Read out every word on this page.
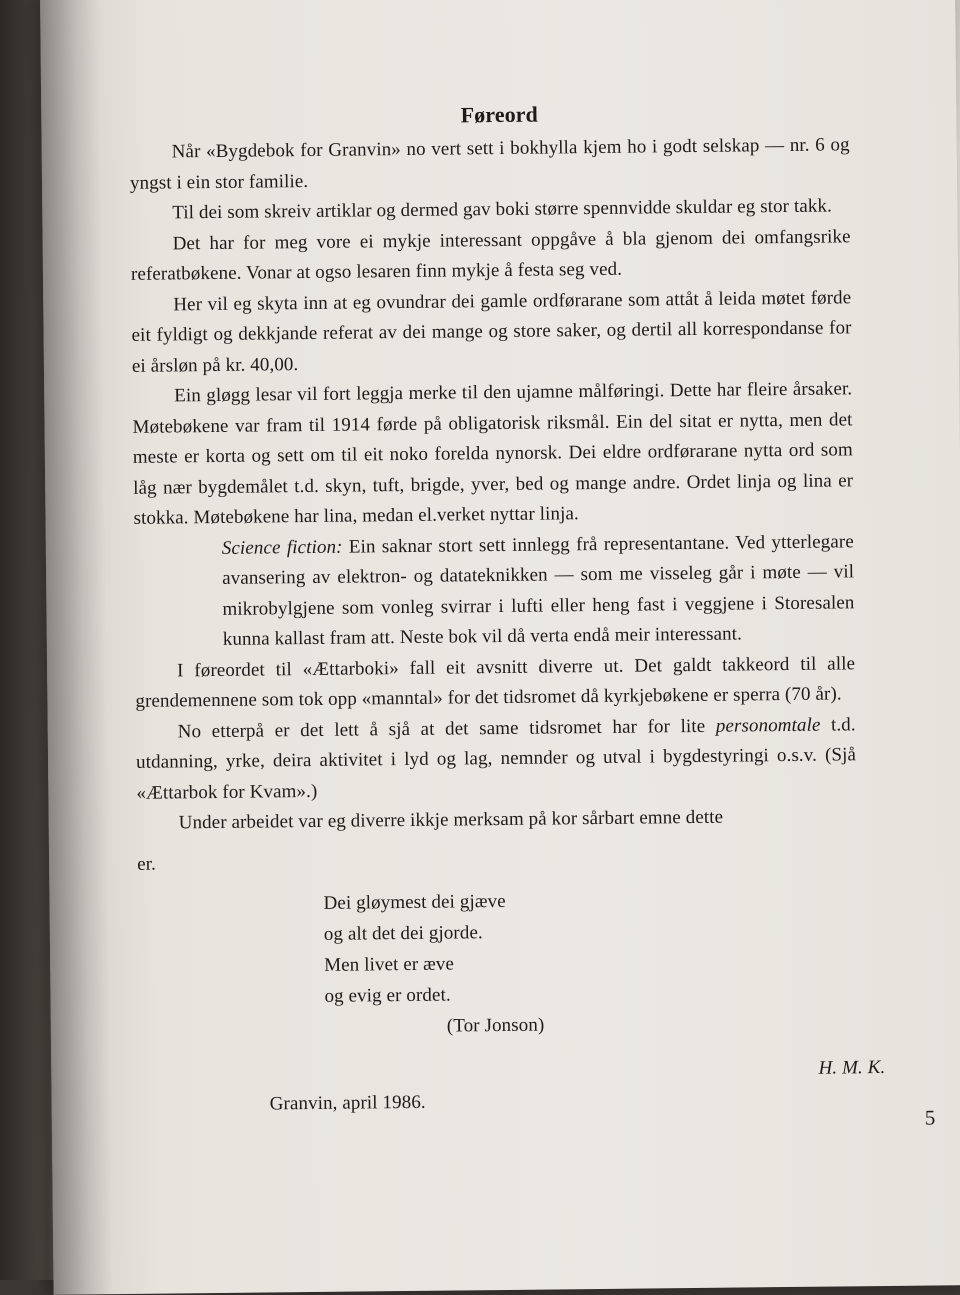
Føreord

Når «Bygdebok for Granvin» no vert sett i bokhylla kjem ho i godt selskap — nr. 6 og yngst i ein stor familie.

Til dei som skreiv artiklar og dermed gav boki større spennvidde skuldar eg stor takk.

Det har for meg vore ei mykje interessant oppgåve å bla gjenom dei omfangsrike referatbøkene. Vonar at ogso lesaren finn mykje å festa seg ved.

Her vil eg skyta inn at eg ovundrar dei gamle ordførarane som attåt å leida møtet førde eit fyldigt og dekkjande referat av dei mange og store saker, og dertil all korrespondanse for ei årsløn på kr. 40,00.

Ein gløgg lesar vil fort leggja merke til den ujamne målføringi. Dette har fleire årsaker. Møtebøkene var fram til 1914 førde på obligatorisk riksmål. Ein del sitat er nytta, men det meste er korta og sett om til eit noko forelda nynorsk. Dei eldre ordførarane nytta ord som låg nær bygdemålet t.d. skyn, tuft, brigde, yver, bed og mange andre. Ordet linja og lina er stokka. Møtebøkene har lina, medan el.verket nyttar linja.

Science fiction: Ein saknar stort sett innlegg frå representantane. Ved ytterlegare avansering av elektron- og datateknikken — som me visseleg går i møte — vil mikrobylgjene som vonleg svirrar i lufti eller heng fast i veggjene i Storesalen kunna kallast fram att. Neste bok vil då verta endå meir interessant.

I føreordet til «Ættarboki» fall eit avsnitt diverre ut. Det galdt takkeord til alle grendemennene som tok opp «manntal» for det tidsromet då kyrkjebøkene er sperra (70 år).

No etterpå er det lett å sjå at det same tidsromet har for lite personomtale t.d. utdanning, yrke, deira aktivitet i lyd og lag, nemnder og utval i bygdestyringi o.s.v. (Sjå «Ættarbok for Kvam».)

Under arbeidet var eg diverre ikkje merksam på kor sårbart emne dette

er.

Dei gløymest dei gjæve
og alt det dei gjorde.
Men livet er æve
og evig er ordet.
(Tor Jonson)
H. M. K.
Granvin, april 1986.
5
